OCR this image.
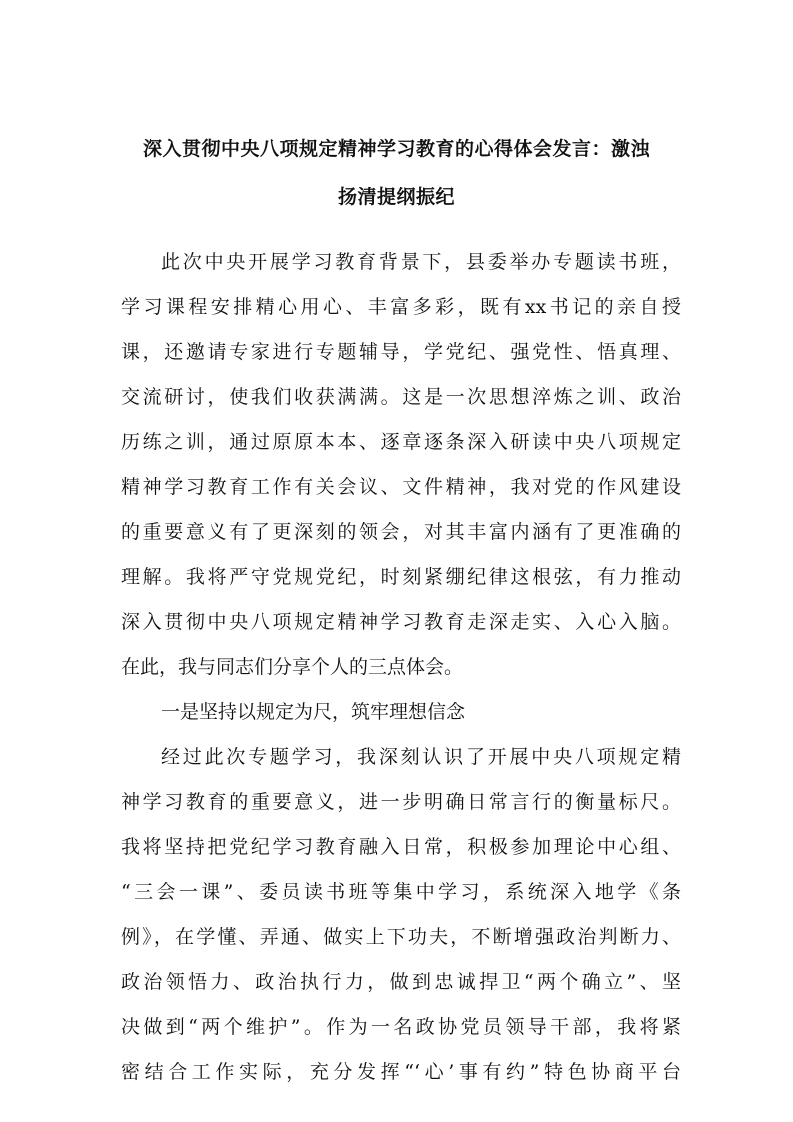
深入贯彻中央八项规定精神学习教育的心得体会发言：激浊
扬清提纲振纪
此次中央开展学习教育背景下，县委举办专题读书班，
学习课程安排精心用心、丰富多彩，既有xx书记的亲自授
课，还邀请专家进行专题辅导，学党纪、强党性、悟真理、
交流研讨，使我们收获满满。这是一次思想淬炼之训、政治
历练之训，通过原原本本、逐章逐条深入研读中央八项规定
精神学习教育工作有关会议、文件精神，我对党的作风建设
的重要意义有了更深刻的领会，对其丰富内涵有了更准确的
理解。我将严守党规党纪，时刻紧绷纪律这根弦，有力推动
深入贯彻中央八项规定精神学习教育走深走实、入心入脑。
在此，我与同志们分享个人的三点体会。
一是坚持以规定为尺，筑牢理想信念
经过此次专题学习，我深刻认识了开展中央八项规定精
神学习教育的重要意义，进一步明确日常言行的衡量标尺。
我将坚持把党纪学习教育融入日常，积极参加理论中心组、
“三会一课”、委员读书班等集中学习，系统深入地学《条
例》，在学懂、弄通、做实上下功夫，不断增强政治判断力、
政治领悟力、政治执行力，做到忠诚捍卫“两个确立”、坚
决做到“两个维护”。作为一名政协党员领导干部，我将紧
密结合工作实际，充分发挥“‘心’事有约”特色协商平台
